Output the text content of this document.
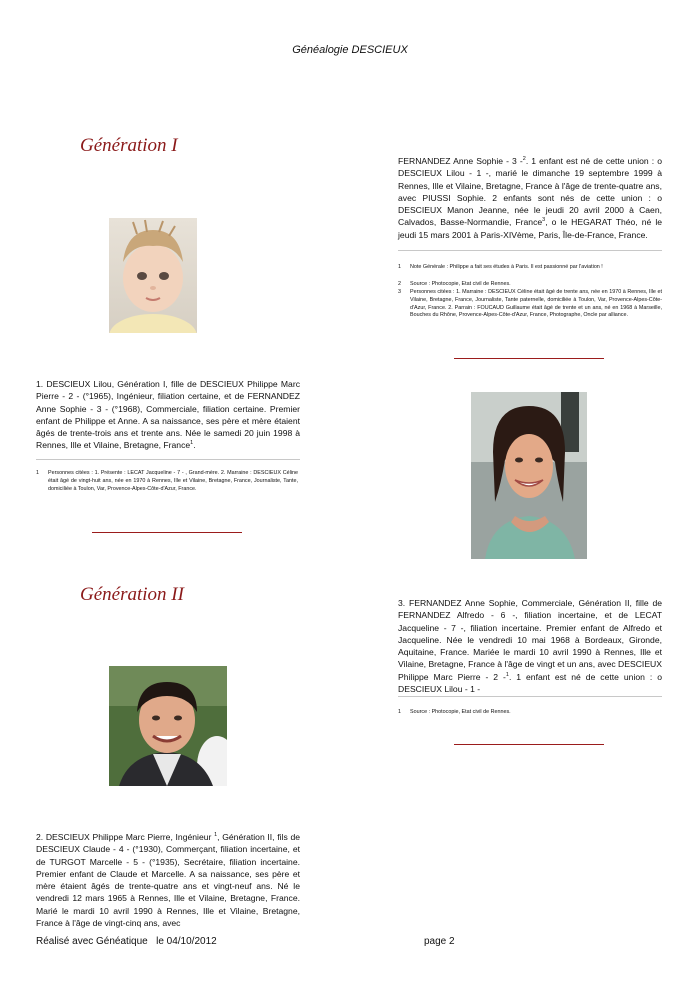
Généalogie DESCIEUX
Génération I
1. DESCIEUX Lilou, Génération I, fille de DESCIEUX Philippe Marc Pierre - 2 - (°1965), Ingénieur, filiation certaine, et de FERNANDEZ Anne Sophie - 3 - (°1968), Commerciale, filiation certaine. Premier enfant de Philippe et Anne. A sa naissance, ses père et mère étaient âgés de trente-trois ans et trente ans. Née le samedi 20 juin 1998 à Rennes, Ille et Vilaine, Bretagne, France$^1$.
1 Personnes citées : 1. Présente : LECAT Jacqueline - 7 - , Grand-mère. 2. Marraine : DESCIEUX Céline était âgé de vingt-huit ans, née en 1970 à Rennes, Ille et Vilaine, Bretagne, France, Journaliste, Tante, domiciliée à Toulon, Var, Provence-Alpes-Côte-d'Azur, France.
Génération II
2. DESCIEUX Philippe Marc Pierre, Ingénieur $^1$, Génération II, fils de DESCIEUX Claude - 4 - (°1930), Commerçant, filiation incertaine, et de TURGOT Marcelle - 5 - (°1935), Secrétaire, filiation incertaine. Premier enfant de Claude et Marcelle. A sa naissance, ses père et mère étaient âgés de trente-quatre ans et vingt-neuf ans. Né le vendredi 12 mars 1965 à Rennes, Ille et Vilaine, Bretagne, France. Marié le mardi 10 avril 1990 à Rennes, Ille et Vilaine, Bretagne, France à l'âge de vingt-cinq ans, avec
Réalisé avec Généatique le 04/10/2012	page 2
FERNANDEZ Anne Sophie - 3 -$^2$. 1 enfant est né de cette union : o DESCIEUX Lilou - 1 -, marié le dimanche 19 septembre 1999 à Rennes, Ille et Vilaine, Bretagne, France à l'âge de trente-quatre ans, avec PIUSSI Sophie. 2 enfants sont nés de cette union : o DESCIEUX Manon Jeanne, née le jeudi 20 avril 2000 à Caen, Calvados, Basse-Normandie, France$^3$, o le HEGARAT Théo, né le jeudi 15 mars 2001 à Paris-XIVème, Paris, Île-de-France, France.
1 Note Générale : Philippe a fait ses études à Paris. Il est passionné par l'aviation !
2 Source : Photocopie, Etat civil de Rennes.
3 Personnes citées : 1. Marraine : DESCIEUX Céline était âgé de trente ans, née en 1970 à Rennes, Ille et Vilaine, Bretagne, France, Journaliste, Tante paternelle, domiciliée à Toulon, Var, Provence-Alpes-Côte-d'Azur, France. 2. Parrain : FOUCAUD Guillaume était âgé de trente et un ans, né en 1968 à Marseille, Bouches du Rhône, Provence-Alpes-Côte-d'Azur, France, Photographe, Oncle par alliance.
3. FERNANDEZ Anne Sophie, Commerciale, Génération II, fille de FERNANDEZ Alfredo - 6 -, filiation incertaine, et de LECAT Jacqueline - 7 -, filiation incertaine. Premier enfant de Alfredo et Jacqueline. Née le vendredi 10 mai 1968 à Bordeaux, Gironde, Aquitaine, France. Mariée le mardi 10 avril 1990 à Rennes, Ille et Vilaine, Bretagne, France à l'âge de vingt et un ans, avec DESCIEUX Philippe Marc Pierre - 2 -$^1$. 1 enfant est né de cette union : o DESCIEUX Lilou - 1 -
1 Source : Photocopie, Etat civil de Rennes.
